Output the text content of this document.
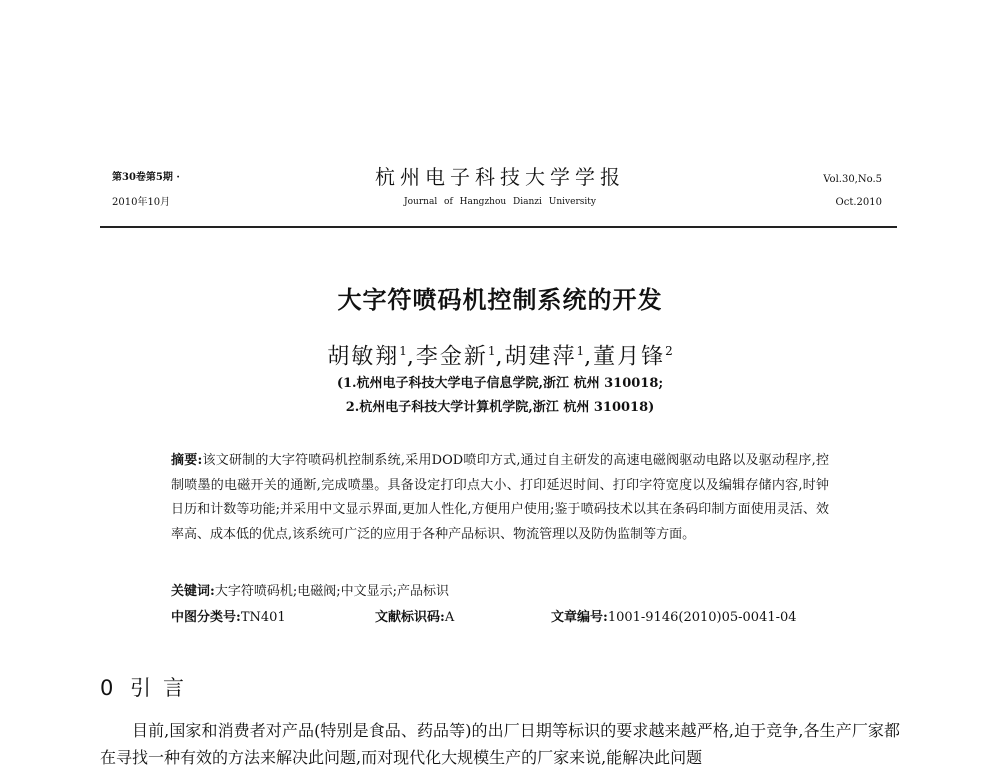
第30卷第5期 ·
2010年10月
杭州电子科技大学学报
Journal of Hangzhou Dianzi University
Vol.30,No.5
Oct.2010
大字符喷码机控制系统的开发
胡敏翔$^1$,李金新$^1$,胡建萍$^1$,董月锋$^2$
(1.杭州电子科技大学电子信息学院,浙江 杭州 310018;
2.杭州电子科技大学计算机学院,浙江 杭州 310018)
摘要:该文研制的大字符喷码机控制系统,采用DOD喷印方式,通过自主研发的高速电磁阀驱动电路以及驱动程序,控制喷墨的电磁开关的通断,完成喷墨。具备设定打印点大小、打印延迟时间、打印字符宽度以及编辑存储内容,时钟日历和计数等功能;并采用中文显示界面,更加人性化,方便用户使用;鉴于喷码技术以其在条码印制方面使用灵活、效率高、成本低的优点,该系统可广泛的应用于各种产品标识、物流管理以及防伪监制等方面。
关键词:大字符喷码机;电磁阀;中文显示;产品标识
中图分类号:TN401	文献标识码:A	文章编号:1001-9146(2010)05-0041-04
0 引言
目前,国家和消费者对产品(特别是食品、药品等)的出厂日期等标识的要求越来越严格,迫于竞争,各生产厂家都在寻找一种有效的方法来解决此问题,而对现代化大规模生产的厂家来说,能解决此问题
